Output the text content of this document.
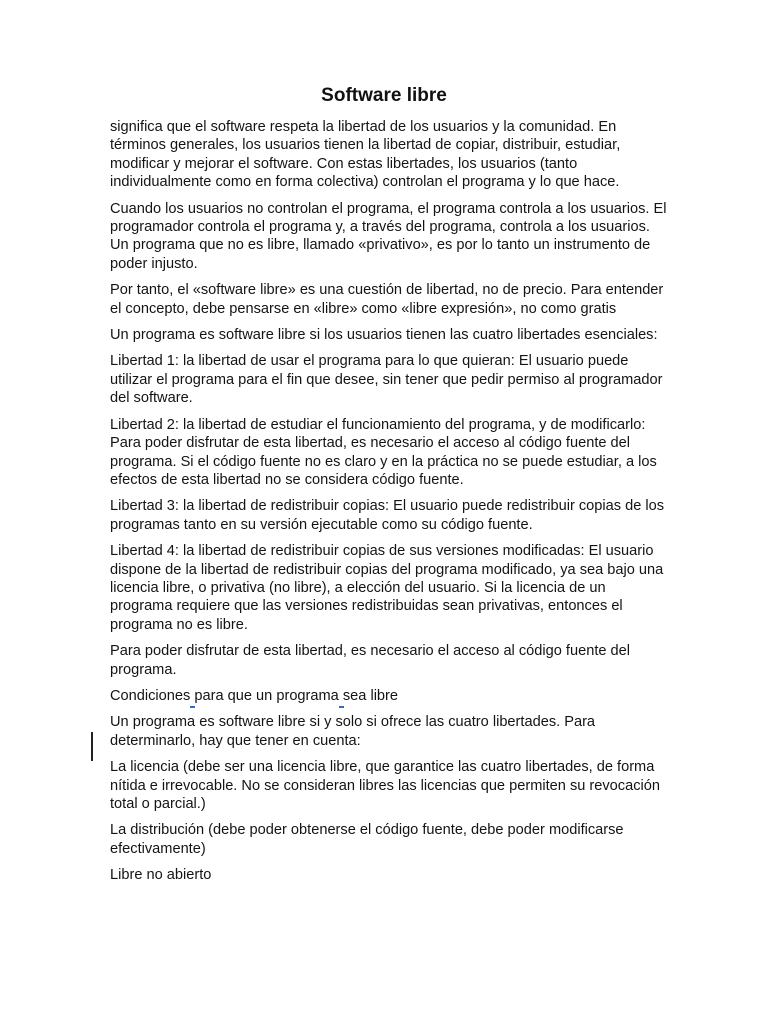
Software libre

significa que el software respeta la libertad de los usuarios y la comunidad. En términos generales, los usuarios tienen la libertad de copiar, distribuir, estudiar, modificar y mejorar el software. Con estas libertades, los usuarios (tanto individualmente como en forma colectiva) controlan el programa y lo que hace.

Cuando los usuarios no controlan el programa, el programa controla a los usuarios. El programador controla el programa y, a través del programa, controla a los usuarios. Un programa que no es libre, llamado «privativo», es por lo tanto un instrumento de poder injusto.

Por tanto, el «software libre» es una cuestión de libertad, no de precio. Para entender el concepto, debe pensarse en «libre» como «libre expresión», no como gratis

Un programa es software libre si los usuarios tienen las cuatro libertades esenciales:

Libertad 1: la libertad de usar el programa para lo que quieran: El usuario puede utilizar el programa para el fin que desee, sin tener que pedir permiso al programador del software.

Libertad 2: la libertad de estudiar el funcionamiento del programa, y de modificarlo: Para poder disfrutar de esta libertad, es necesario el acceso al código fuente del programa. Si el código fuente no es claro y en la práctica no se puede estudiar, a los efectos de esta libertad no se considera código fuente.

Libertad 3: la libertad de redistribuir copias: El usuario puede redistribuir copias de los programas tanto en su versión ejecutable como su código fuente.

Libertad 4: la libertad de redistribuir copias de sus versiones modificadas: El usuario dispone de la libertad de redistribuir copias del programa modificado, ya sea bajo una licencia libre, o privativa (no libre), a elección del usuario. Si la licencia de un programa requiere que las versiones redistribuidas sean privativas, entonces el programa no es libre.

Para poder disfrutar de esta libertad, es necesario el acceso al código fuente del programa.

Condiciones para que un programa sea libre

Un programa es software libre si y solo si ofrece las cuatro libertades. Para determinarlo, hay que tener en cuenta:

La licencia (debe ser una licencia libre, que garantice las cuatro libertades, de forma nítida e irrevocable. No se consideran libres las licencias que permiten su revocación total o parcial.)

La distribución (debe poder obtenerse el código fuente, debe poder modificarse efectivamente)

Libre no abierto
